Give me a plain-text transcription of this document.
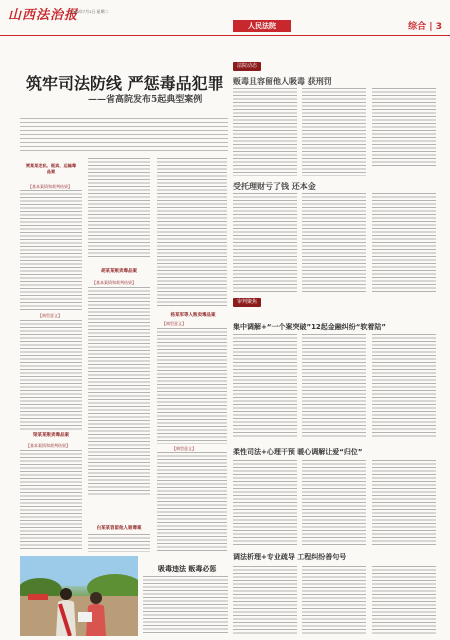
山西法治报
2025年7月1日 星期二
人民法院	综合 | 3
筑牢司法防线 严惩毒品犯罪
——省高院发布5起典型案例
贾某某走私、贩卖、运输毒品案
【基本案情和裁判结果】
【典型意义】
梁某某贩卖毒品案
【基本案情和裁判结果】
胡某某贩卖毒品案
【基本案情和裁判结果】
白某某容留他人吸毒案
杨某军等人贩卖毒品案
【典型意义】
【典型意义】
吸毒违法 贩毒必惩
法院动态
贩毒且容留他人吸毒 获刑罚
受托理财亏了钱 还本金
审判聚焦
集中调解+“一个案突破”12起金融纠纷“软着陆”
柔性司法+心理干预 暖心调解让爱“归位”
调法析理+专业疏导 工程纠纷善句号
